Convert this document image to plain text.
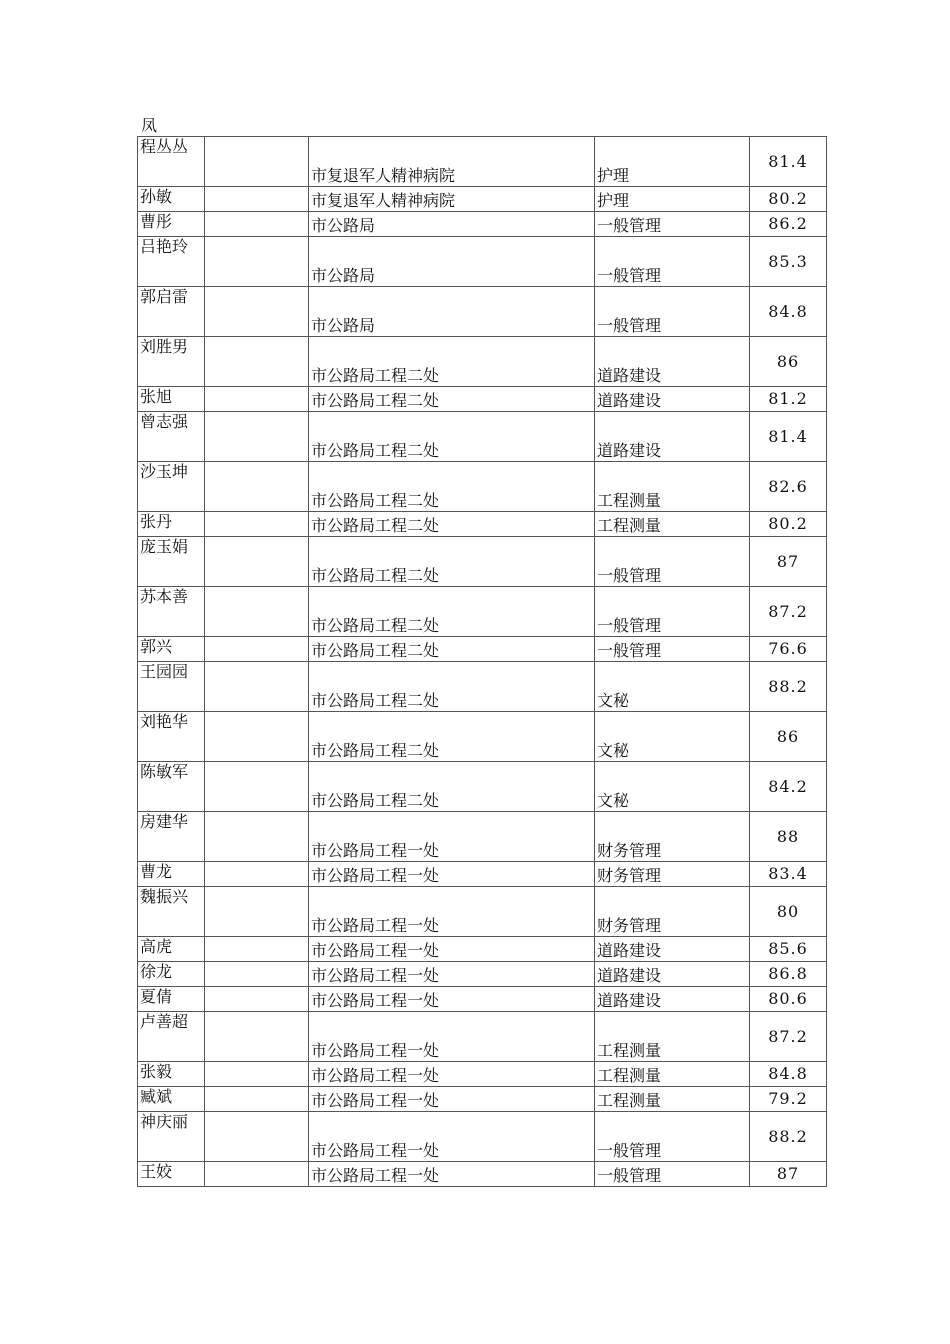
凤
程丛丛		市复退军人精神病院	护理	81.4
孙敏		市复退军人精神病院	护理	80.2
曹彤		市公路局	一般管理	86.2
吕艳玲		市公路局	一般管理	85.3
郭启雷		市公路局	一般管理	84.8
刘胜男		市公路局工程二处	道路建设	86
张旭		市公路局工程二处	道路建设	81.2
曾志强		市公路局工程二处	道路建设	81.4
沙玉坤		市公路局工程二处	工程测量	82.6
张丹		市公路局工程二处	工程测量	80.2
庞玉娟		市公路局工程二处	一般管理	87
苏本善		市公路局工程二处	一般管理	87.2
郭兴		市公路局工程二处	一般管理	76.6
王园园		市公路局工程二处	文秘	88.2
刘艳华		市公路局工程二处	文秘	86
陈敏军		市公路局工程二处	文秘	84.2
房建华		市公路局工程一处	财务管理	88
曹龙		市公路局工程一处	财务管理	83.4
魏振兴		市公路局工程一处	财务管理	80
高虎		市公路局工程一处	道路建设	85.6
徐龙		市公路局工程一处	道路建设	86.8
夏倩		市公路局工程一处	道路建设	80.6
卢善超		市公路局工程一处	工程测量	87.2
张毅		市公路局工程一处	工程测量	84.8
臧斌		市公路局工程一处	工程测量	79.2
神庆丽		市公路局工程一处	一般管理	88.2
王姣		市公路局工程一处	一般管理	87
